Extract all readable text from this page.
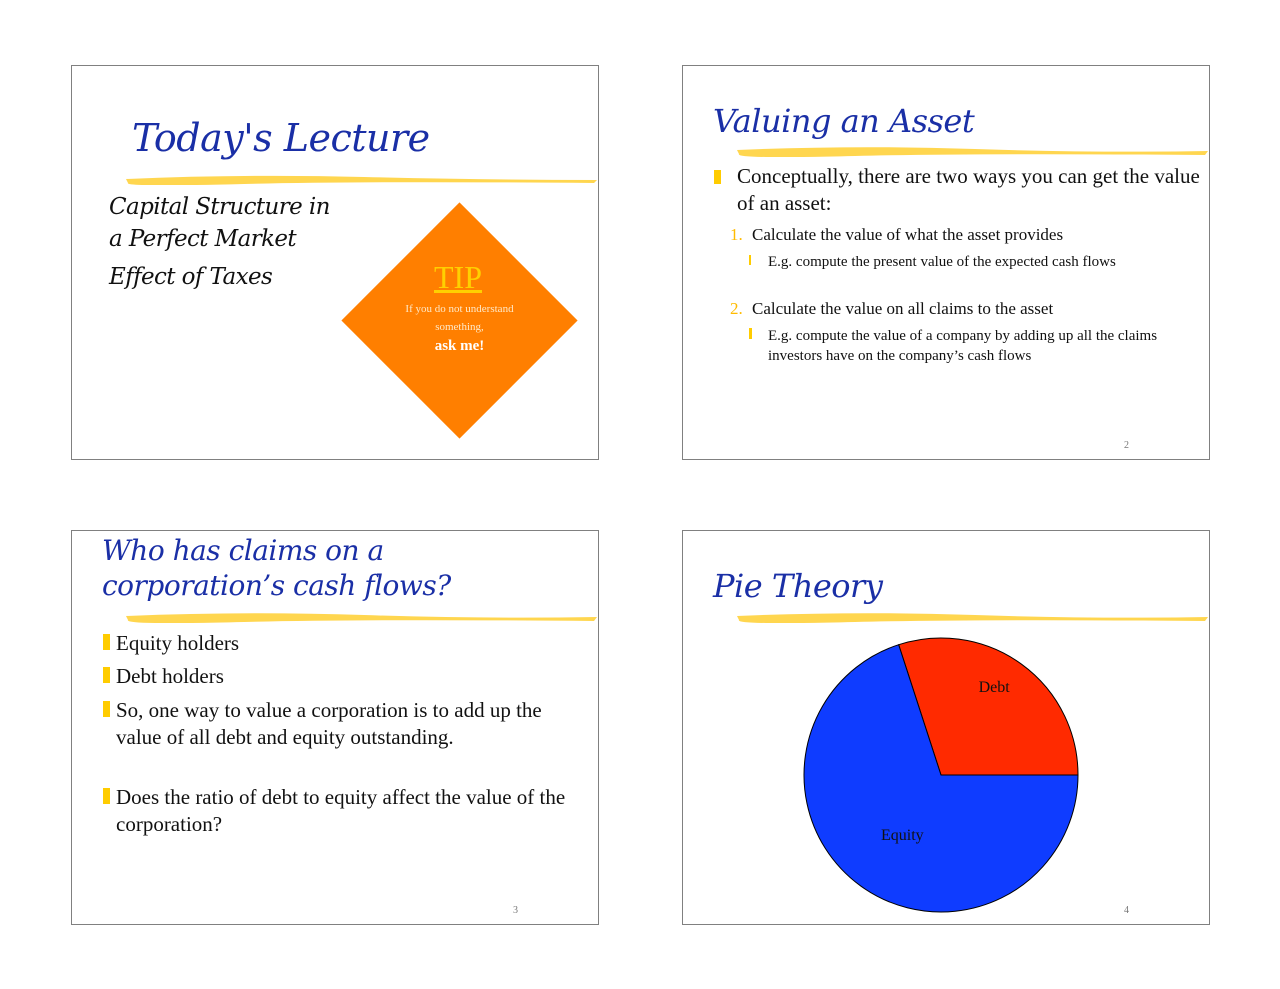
Today's Lecture
Capital Structure in
a Perfect Market
Effect of Taxes	TIP
If you do not understand
something,
ask me!
Valuing an Asset
Conceptually, there are two ways you can get the value of an asset:
1. Calculate the value of what the asset provides
E.g. compute the present value of the expected cash flows
2. Calculate the value on all claims to the asset
E.g. compute the value of a company by adding up all the claims investors have on the company’s cash flows
2
Who has claims on a corporation’s cash flows?
Equity holders
Debt holders
So, one way to value a corporation is to add up the value of all debt and equity outstanding.
Does the ratio of debt to equity affect the value of the corporation?
3
Pie Theory
Debt
Equity
4
